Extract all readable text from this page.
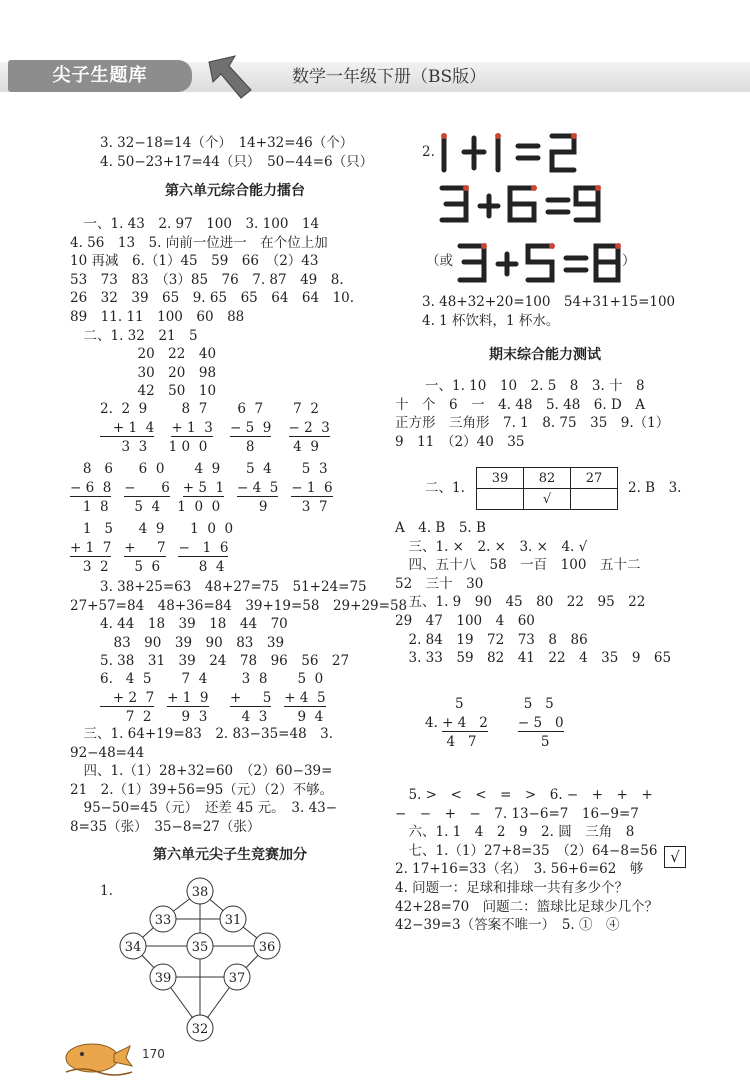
尖子生题库	数学一年级下册（BS版）
3. 32−18=14（个）　14+32=46（个）
4. 50−23+17=44（只）　50−44=6（只）
第六单元综合能力擂台
　一、1. 43　2. 97　100　3. 100　14
4. 56　13　5. 向前一位进一　在个位上加
10 再减　6.（1）45　59　66　（2）43
53　73　83　（3）85　76　7. 87　49　8.
26　32　39　65　9. 65　65　64　64　10.
89　11. 11　100　60　88
　二、1. 32　21　5
　　　　　20　22　40
　　　　　30　20　98
　　　　　42　50　10
2.  2  9        8  7       6  7       7  2
+ 1  4 + 1  3 − 5  9 − 2  3
3  3     1 0  0         8         4  9
8   6      6  0       4  9      5  4       5  3
− 6  8 −      6 + 5  1 − 4  5 − 1  6
1  8      5  4    1  0  0         9        3  7
1   5      4  9      1  0  0
+ 1  7 +     7 −   1  6
3  2      5  6         8  4
3. 38+25=63　48+27=75　51+24=75
27+57=84　48+36=84　39+19=58　29+29=58
4. 44　18　39　18　44　70
　83　90　39　90　83　39
5. 38　31　39　24　78　96　56　27
6.   4  5       7  4        3  8       5  0
+ 2  7 + 1  9 +     5 + 4  5
7  2       9  3        4  3       9  4
　三、1. 64+19=83　2. 83−35=48　3.
92−48=44
　四、1.（1）28+32=60　（2）60−39=
21　2.（1）39+56=95（元）（2）不够。
　95−50=45（元）　还差 45 元。　3. 43−
8=35（张）　35−8=27（张）
第六单元尖子生竞赛加分
1.	38
33	31
34	35	36
39	37
32
2.
（或	）
3. 48+32+20=100　54+31+15=100
4. 1 杯饮料，1 杯水。
期末综合能力测试
一、1. 10　10　2. 5　8　3. 十　8
十　个　6　一　4. 48　5. 48　6. D　A
正方形　三角形　7. 1　8. 75　35　9.（1）
9　11　（2）40　35
二、1.
39	82	27
	√	
2. B　3.
A　4. B　5. B
　三、1. ×　2. ×　3. ×　4. √
　四、五十八　58　一百　100　五十二
52　三十　30
　五、1. 9　90　45　80　22　95　22
29　47　100　4　60
　2. 84　19　72　73　8　86
　3. 33　59　82　41　22　4　35　9　65
5              5   5
4. + 4   2 − 5   0
4   7               5
　5. >　<　<　=　>　6. −　+　+　+
−　−　+　−　7. 13−6=7　16−9=7
　六、1. 1　4　2　9　2. 圆　三角　8
　七、1.（1）27+8=35　（2）64−8=56
2. 17+16=33（名）　3. 56+6=62　够
4. 问题一：足球和排球一共有多少个？
42+28=70　问题二：篮球比足球少几个？
42−39=3（答案不唯一）　5. ①　④
√
170
